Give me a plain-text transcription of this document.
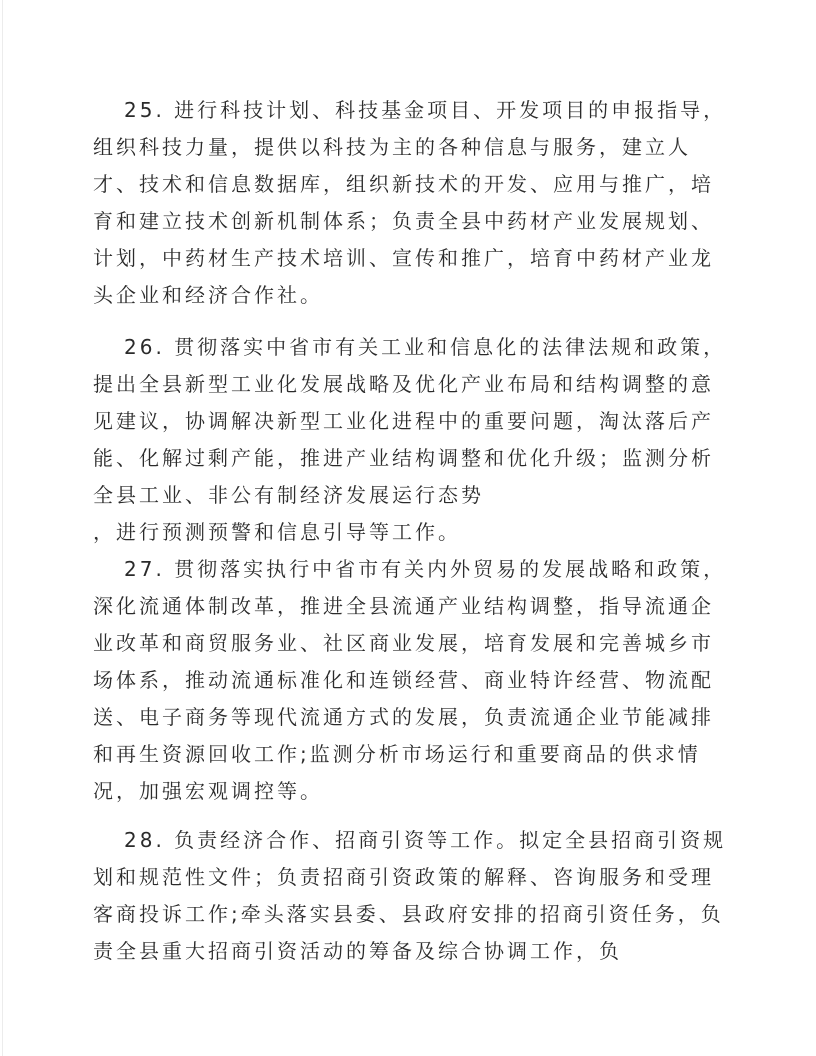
25. 进行科技计划、科技基金项目、开发项目的申报指导，组织科技力量，提供以科技为主的各种信息与服务，建立人才、技术和信息数据库，组织新技术的开发、应用与推广，培育和建立技术创新机制体系；负责全县中药材产业发展规划、计划，中药材生产技术培训、宣传和推广，培育中药材产业龙头企业和经济合作社。

26. 贯彻落实中省市有关工业和信息化的法律法规和政策，提出全县新型工业化发展战略及优化产业布局和结构调整的意见建议，协调解决新型工业化进程中的重要问题，淘汰落后产能、化解过剩产能，推进产业结构调整和优化升级；监测分析全县工业、非公有制经济发展运行态势
，进行预测预警和信息引导等工作。

27. 贯彻落实执行中省市有关内外贸易的发展战略和政策，深化流通体制改革，推进全县流通产业结构调整，指导流通企业改革和商贸服务业、社区商业发展，培育发展和完善城乡市场体系，推动流通标准化和连锁经营、商业特许经营、物流配送、电子商务等现代流通方式的发展，负责流通企业节能减排和再生资源回收工作;监测分析市场运行和重要商品的供求情况，加强宏观调控等。

28. 负责经济合作、招商引资等工作。拟定全县招商引资规划和规范性文件；负责招商引资政策的解释、咨询服务和受理客商投诉工作;牵头落实县委、县政府安排的招商引资任务，负责全县重大招商引资活动的筹备及综合协调工作，负
